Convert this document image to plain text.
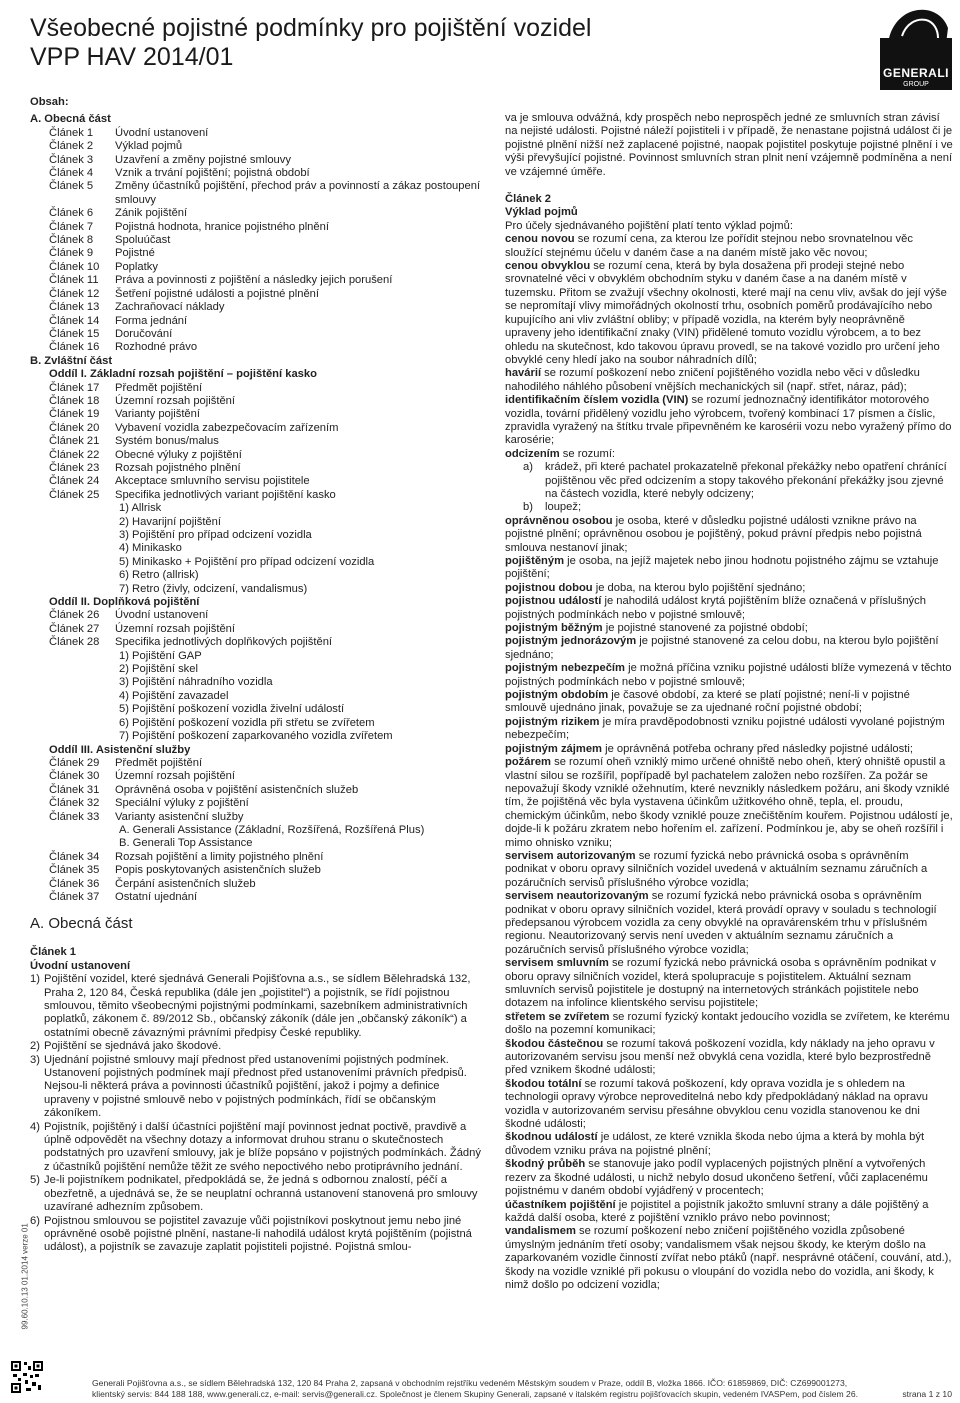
Všeobecné pojistné podmínky pro pojištění vozidel
VPP HAV 2014/01
GENERALI
GROUP
Obsah:
A. Obecná část
Článek 1	Úvodní ustanovení
Článek 2	Výklad pojmů
Článek 3	Uzavření a změny pojistné smlouvy
Článek 4	Vznik a trvání pojištění; pojistná období
Článek 5	Změny účastníků pojištění, přechod práv a povinností a zákaz postoupení smlouvy
Článek 6	Zánik pojištění
Článek 7	Pojistná hodnota, hranice pojistného plnění
Článek 8	Spoluúčast
Článek 9	Pojistné
Článek 10	Poplatky
Článek 11	Práva a povinnosti z pojištění a následky jejich porušení
Článek 12	Šetření pojistné události a pojistné plnění
Článek 13	Zachraňovací náklady
Článek 14	Forma jednání
Článek 15	Doručování
Článek 16	Rozhodné právo
B. Zvláštní část
Oddíl I. Základní rozsah pojištění – pojištění kasko
Článek 17	Předmět pojištění
Článek 18	Územní rozsah pojištění
Článek 19	Varianty pojištění
Článek 20	Vybavení vozidla zabezpečovacím zařízením
Článek 21	Systém bonus/malus
Článek 22	Obecné výluky z pojištění
Článek 23	Rozsah pojistného plnění
Článek 24	Akceptace smluvního servisu pojistitele
Článek 25	Specifika jednotlivých variant pojištění kasko
1) Allrisk
2) Havarijní pojištění
3) Pojištění pro případ odcizení vozidla
4) Minikasko
5) Minikasko + Pojištění pro případ odcizení vozidla
6) Retro (allrisk)
7) Retro (živly, odcizení, vandalismus)
Oddíl II. Doplňková pojištění
Článek 26	Úvodní ustanovení
Článek 27	Územní rozsah pojištění
Článek 28	Specifika jednotlivých doplňkových pojištění
1) Pojištění GAP
2) Pojištění skel
3) Pojištění náhradního vozidla
4) Pojištění zavazadel
5) Pojištění poškození vozidla živelní událostí
6) Pojištění poškození vozidla při střetu se zvířetem
7) Pojištění poškození zaparkovaného vozidla zvířetem
Oddíl III. Asistenční služby
Článek 29	Předmět pojištění
Článek 30	Územní rozsah pojištění
Článek 31	Oprávněná osoba v pojištění asistenčních služeb
Článek 32	Speciální výluky z pojištění
Článek 33	Varianty asistenční služby
A. Generali Assistance (Základní, Rozšířená, Rozšířená Plus)
B. Generali Top Assistance
Článek 34	Rozsah pojištění a limity pojistného plnění
Článek 35	Popis poskytovaných asistenčních služeb
Článek 36	Čerpání asistenčních služeb
Článek 37	Ostatní ujednání
A. Obecná část
Článek 1
Úvodní ustanovení
1) Pojištění vozidel, které sjednává Generali Pojišťovna a.s., se sídlem Bělehradská 132, Praha 2, 120 84, Česká republika (dále jen „pojistitel“) a pojistník, se řídí pojistnou smlouvou, těmito všeobecnými pojistnými podmínkami, sazebníkem administrativních poplatků, zákonem č. 89/2012 Sb., občanský zákoník (dále jen „občanský zákoník“) a ostatními obecně závaznými právními předpisy České republiky.
2) Pojištění se sjednává jako škodové.
3) Ujednání pojistné smlouvy mají přednost před ustanoveními pojistných podmínek. Ustanovení pojistných podmínek mají přednost před ustanoveními právních předpisů. Nejsou-li některá práva a povinnosti účastníků pojištění, jakož i pojmy a definice upraveny v pojistné smlouvě nebo v pojistných podmínkách, řídí se občanským zákoníkem.
4) Pojistník, pojištěný i další účastníci pojištění mají povinnost jednat poctivě, pravdivě a úplně odpovědět na všechny dotazy a informovat druhou stranu o skutečnostech podstatných pro uzavření smlouvy, jak je blíže popsáno v pojistných podmínkách. Žádný z účastníků pojištění nemůže těžit ze svého nepoctivého nebo protiprávního jednání.
5) Je-li pojistníkem podnikatel, předpokládá se, že jedná s odbornou znalostí, péčí a obezřetně, a ujednává se, že se neuplatní ochranná ustanovení stanovená pro smlouvy uzavírané adhezním způsobem.
6) Pojistnou smlouvou se pojistitel zavazuje vůči pojistníkovi poskytnout jemu nebo jiné oprávněné osobě pojistné plnění, nastane-li nahodilá událost krytá pojištěním (pojistná událost), a pojistník se zavazuje zaplatit pojistiteli pojistné. Pojistná smlou-
va je smlouva odvážná, kdy prospěch nebo neprospěch jedné ze smluvních stran závisí na nejisté události. Pojistné náleží pojistiteli i v případě, že nenastane pojistná událost či je pojistné plnění nižší než zaplacené pojistné, naopak pojistitel poskytuje pojistné plnění i ve výši převyšující pojistné. Povinnost smluvních stran plnit není vzájemně podmíněna a není ve vzájemné úměře.
Článek 2
Výklad pojmů
Pro účely sjednávaného pojištění platí tento výklad pojmů:
cenou novou se rozumí cena, za kterou lze pořídit stejnou nebo srovnatelnou věc sloužící stejnému účelu v daném čase a na daném místě jako věc novou;
cenou obvyklou se rozumí cena, která by byla dosažena při prodeji stejné nebo srovnatelné věci v obvyklém obchodním styku v daném čase a na daném místě v tuzemsku. Přitom se zvažují všechny okolnosti, které mají na cenu vliv, avšak do její výše se nepromítají vlivy mimořádných okolností trhu, osobních poměrů prodávajícího nebo kupujícího ani vliv zvláštní obliby; v případě vozidla, na kterém byly neoprávněně upraveny jeho identifikační znaky (VIN) přidělené tomuto vozidlu výrobcem, a to bez ohledu na skutečnost, kdo takovou úpravu provedl, se na takové vozidlo pro určení jeho obvyklé ceny hledí jako na soubor náhradních dílů;
havárií se rozumí poškození nebo zničení pojištěného vozidla nebo věci v důsledku nahodilého náhlého působení vnějších mechanických sil (např. střet, náraz, pád);
identifikačním číslem vozidla (VIN) se rozumí jednoznačný identifikátor motorového vozidla, tovární přidělený vozidlu jeho výrobcem, tvořený kombinací 17 písmen a číslic, zpravidla vyražený na štítku trvale připevněném ke karosérii vozu nebo vyražený přímo do karosérie;
odcizením se rozumí:
a)	krádež, při které pachatel prokazatelně překonal překážky nebo opatření chránící pojištěnou věc před odcizením a stopy takového překonání překážky jsou zjevné na částech vozidla, které nebyly odcizeny;
b)	loupež;
oprávněnou osobou je osoba, které v důsledku pojistné události vznikne právo na pojistné plnění; oprávněnou osobou je pojištěný, pokud právní předpis nebo pojistná smlouva nestanoví jinak;
pojištěným je osoba, na jejíž majetek nebo jinou hodnotu pojistného zájmu se vztahuje pojištění;
pojistnou dobou je doba, na kterou bylo pojištění sjednáno;
pojistnou událostí je nahodilá událost krytá pojištěním blíže označená v příslušných pojistných podmínkách nebo v pojistné smlouvě;
pojistným běžným je pojistné stanovené za pojistné období;
pojistným jednorázovým je pojistné stanovené za celou dobu, na kterou bylo pojištění sjednáno;
pojistným nebezpečím je možná příčina vzniku pojistné události blíže vymezená v těchto pojistných podmínkách nebo v pojistné smlouvě;
pojistným obdobím je časové období, za které se platí pojistné; není-li v pojistné smlouvě ujednáno jinak, považuje se za ujednané roční pojistné období;
pojistným rizikem je míra pravděpodobnosti vzniku pojistné události vyvolané pojistným nebezpečím;
pojistným zájmem je oprávněná potřeba ochrany před následky pojistné události;
požárem se rozumí oheň vzniklý mimo určené ohniště nebo oheň, který ohniště opustil a vlastní silou se rozšířil, popřípadě byl pachatelem založen nebo rozšířen. Za požár se nepovažují škody vzniklé ožehnutím, které nevznikly následkem požáru, ani škody vzniklé tím, že pojištěná věc byla vystavena účinkům užitkového ohně, tepla, el. proudu, chemickým účinkům, nebo škody vzniklé pouze znečištěním kouřem. Pojistnou událostí je, dojde-li k požáru zkratem nebo hořením el. zařízení. Podmínkou je, aby se oheň rozšířil i mimo ohnisko vzniku;
servisem autorizovaným se rozumí fyzická nebo právnická osoba s oprávněním podnikat v oboru opravy silničních vozidel uvedená v aktuálním seznamu záručních a pozáručních servisů příslušného výrobce vozidla;
servisem neautorizovaným se rozumí fyzická nebo právnická osoba s oprávněním podnikat v oboru opravy silničních vozidel, která provádí opravy v souladu s technologií předepsanou výrobcem vozidla za ceny obvyklé na opravárenském trhu v příslušném regionu. Neautorizovaný servis není uveden v aktuálním seznamu záručních a pozáručních servisů příslušného výrobce vozidla;
servisem smluvním se rozumí fyzická nebo právnická osoba s oprávněním podnikat v oboru opravy silničních vozidel, která spolupracuje s pojistitelem. Aktuální seznam smluvních servisů pojistitele je dostupný na internetových stránkách pojistitele nebo dotazem na infolince klientského servisu pojistitele;
střetem se zvířetem se rozumí fyzický kontakt jedoucího vozidla se zvířetem, ke kterému došlo na pozemní komunikaci;
škodou částečnou se rozumí taková poškození vozidla, kdy náklady na jeho opravu v autorizovaném servisu jsou menší než obvyklá cena vozidla, které bylo bezprostředně před vznikem škodné události;
škodou totální se rozumí taková poškození, kdy oprava vozidla je s ohledem na technologii opravy výrobce neproveditelná nebo kdy předpokládaný náklad na opravu vozidla v autorizovaném servisu přesáhne obvyklou cenu vozidla stanovenou ke dni škodné události;
škodnou událostí je událost, ze které vznikla škoda nebo újma a která by mohla být důvodem vzniku práva na pojistné plnění;
škodný průběh se stanovuje jako podíl vyplacených pojistných plnění a vytvořených rezerv za škodné události, u nichž nebylo dosud ukončeno šetření, vůči zaplacenému pojistnému v daném období vyjádřený v procentech;
účastníkem pojištění je pojistitel a pojistník jakožto smluvní strany a dále pojištěný a každá další osoba, které z pojištění vzniklo právo nebo povinnost;
vandalismem se rozumí poškození nebo zničení pojištěného vozidla způsobené úmyslným jednáním třetí osoby; vandalismem však nejsou škody, ke kterým došlo na zaparkovaném vozidle činností zvířat nebo ptáků (např. nesprávné otáčení, couvání, atd.), škody na vozidle vzniklé při pokusu o vloupání do vozidla nebo do vozidla, ani škody, k nimž došlo po odcizení vozidla;
99.60.10.13 01.2014 verze 01
Generali Pojišťovna a.s., se sídlem Bělehradská 132, 120 84 Praha 2, zapsaná v obchodním rejstříku vedeném Městským soudem v Praze, oddíl B, vložka 1866. IČO: 61859869, DIČ: CZ699001273,
klientský servis: 844 188 188, www.generali.cz, e-mail: servis@generali.cz. Společnost je členem Skupiny Generali, zapsané v italském registru pojišťovacích skupin, vedeném IVASPem, pod číslem 26.	strana 1 z 10
